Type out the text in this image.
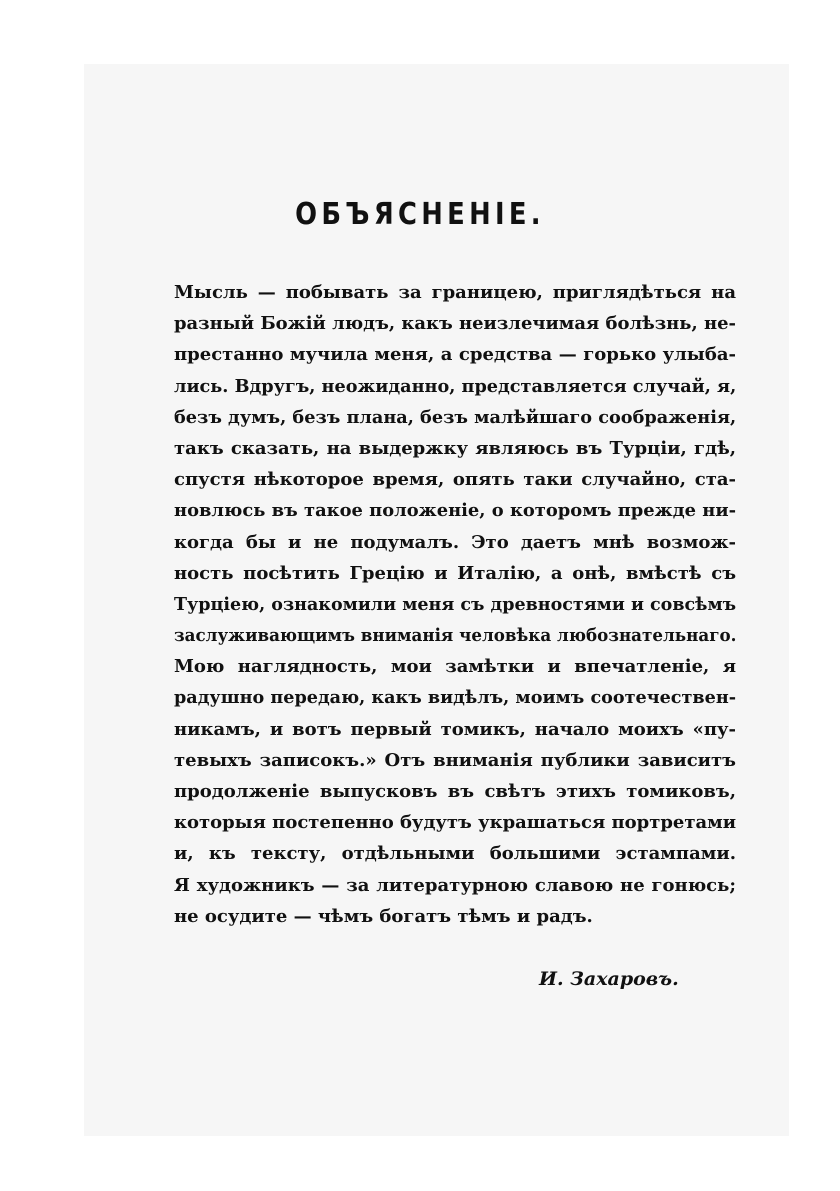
ОБЪЯСНЕНІЕ.
Мысль — побывать за границею, приглядѣться на
разный Божій людъ, какъ неизлечимая болѣзнь, не-
престанно мучила меня, а средства — горько улыба-
лись. Вдругъ, неожиданно, представляется случай, я,
безъ думъ, безъ плана, безъ малѣйшаго соображенія,
такъ сказать, на выдержку являюсь въ Турціи, гдѣ,
спустя нѣкоторое время, опять таки случайно, ста-
новлюсь въ такое положеніе, о которомъ прежде ни-
когда бы и не подумалъ. Это даетъ мнѣ возмож-
ность посѣтить Грецію и Италію, а онѣ, вмѣстѣ съ
Турціею, ознакомили меня съ древностями и совсѣмъ
заслуживающимъ вниманія человѣка любознательнаго.
Мою наглядность, мои замѣтки и впечатленіе, я
радушно передаю, какъ видѣлъ, моимъ соотечествен-
никамъ, и вотъ первый томикъ, начало моихъ «пу-
тевыхъ записокъ.» Отъ вниманія публики зависитъ
продолженіе выпусковъ въ свѣтъ этихъ томиковъ,
которыя постепенно будутъ украшаться портретами
и, къ тексту, отдѣльными большими эстампами.
Я художникъ — за литературною славою не гонюсь;
не осудите — чѣмъ богатъ тѣмъ и радъ.
И. Захаровъ.
